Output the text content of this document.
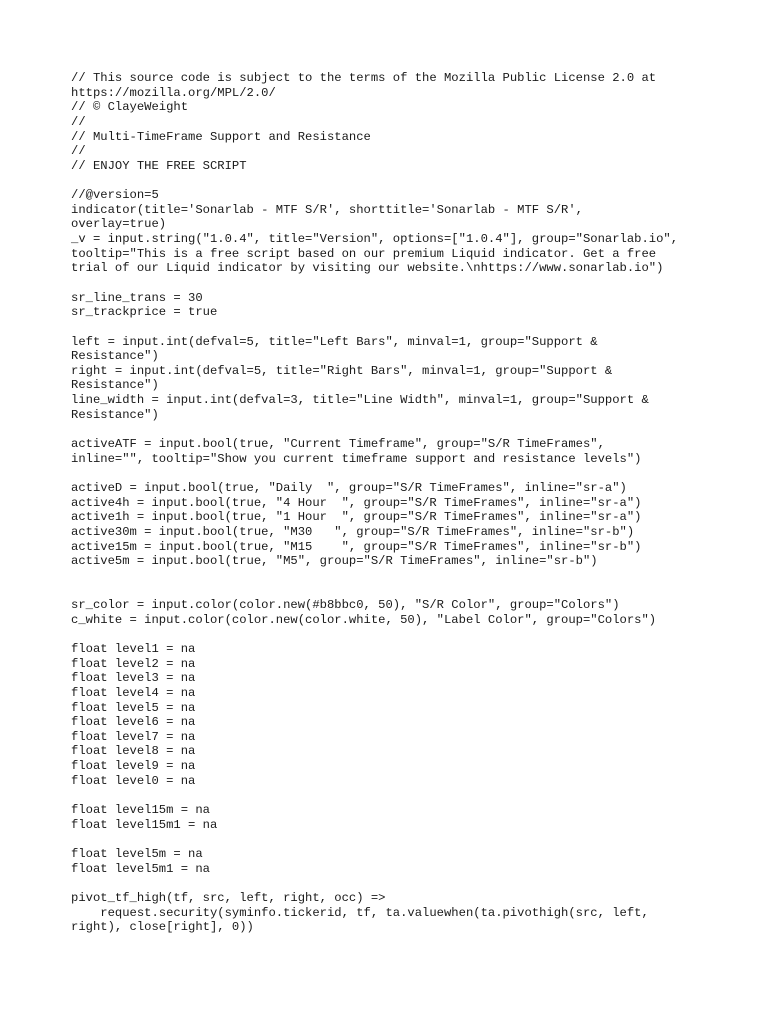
// This source code is subject to the terms of the Mozilla Public License 2.0 at
https://mozilla.org/MPL/2.0/
// © ClayeWeight
//
// Multi-TimeFrame Support and Resistance
//
// ENJOY THE FREE SCRIPT
//@version=5
indicator(title='Sonarlab - MTF S/R', shorttitle='Sonarlab - MTF S/R',
overlay=true)
_v = input.string("1.0.4", title="Version", options=["1.0.4"], group="Sonarlab.io",
tooltip="This is a free script based on our premium Liquid indicator. Get a free
trial of our Liquid indicator by visiting our website.\nhttps://www.sonarlab.io")
sr_line_trans = 30
sr_trackprice = true
left = input.int(defval=5, title="Left Bars", minval=1, group="Support &
Resistance")
right = input.int(defval=5, title="Right Bars", minval=1, group="Support &
Resistance")
line_width = input.int(defval=3, title="Line Width", minval=1, group="Support &
Resistance")
activeATF = input.bool(true, "Current Timeframe", group="S/R TimeFrames",
inline="", tooltip="Show you current timeframe support and resistance levels")
activeD = input.bool(true, "Daily  ", group="S/R TimeFrames", inline="sr-a")
active4h = input.bool(true, "4 Hour  ", group="S/R TimeFrames", inline="sr-a")
active1h = input.bool(true, "1 Hour  ", group="S/R TimeFrames", inline="sr-a")
active30m = input.bool(true, "M30   ", group="S/R TimeFrames", inline="sr-b")
active15m = input.bool(true, "M15    ", group="S/R TimeFrames", inline="sr-b")
active5m = input.bool(true, "M5", group="S/R TimeFrames", inline="sr-b")
sr_color = input.color(color.new(#b8bbc0, 50), "S/R Color", group="Colors")
c_white = input.color(color.new(color.white, 50), "Label Color", group="Colors")
float level1 = na
float level2 = na
float level3 = na
float level4 = na
float level5 = na
float level6 = na
float level7 = na
float level8 = na
float level9 = na
float level0 = na
float level15m = na
float level15m1 = na
float level5m = na
float level5m1 = na
pivot_tf_high(tf, src, left, right, occ) =>
request.security(syminfo.tickerid, tf, ta.valuewhen(ta.pivothigh(src, left,
right), close[right], 0))
